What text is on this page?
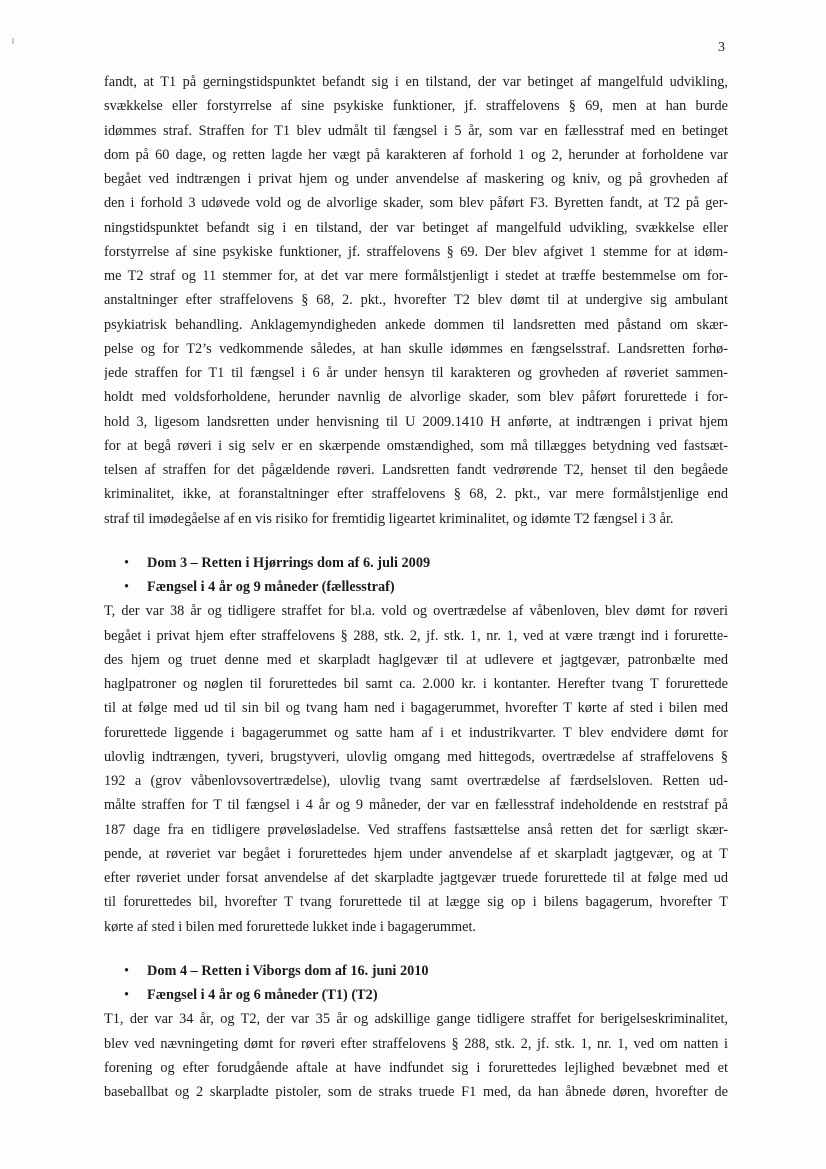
3
fandt, at T1 på gerningstidspunktet befandt sig i en tilstand, der var betinget af mangelfuld udvikling,
svækkelse eller forstyrrelse af sine psykiske funktioner, jf. straffelovens § 69, men at han burde
idømmes straf. Straffen for T1 blev udmålt til fængsel i 5 år, som var en fællesstraf med en betinget
dom på 60 dage, og retten lagde her vægt på karakteren af forhold 1 og 2, herunder at forholdene var
begået ved indtrængen i privat hjem og under anvendelse af maskering og kniv, og på grovheden af
den i forhold 3 udøvede vold og de alvorlige skader, som blev påført F3. Byretten fandt, at T2 på ger-
ningstidspunktet befandt sig i en tilstand, der var betinget af mangelfuld udvikling, svækkelse eller
forstyrrelse af sine psykiske funktioner, jf. straffelovens § 69. Der blev afgivet 1 stemme for at idøm-
me T2 straf og 11 stemmer for, at det var mere formålstjenligt i stedet at træffe bestemmelse om for-
anstaltninger efter straffelovens § 68, 2. pkt., hvorefter T2 blev dømt til at undergive sig ambulant
psykiatrisk behandling. Anklagemyndigheden ankede dommen til landsretten med påstand om skær-
pelse og for T2’s vedkommende således, at han skulle idømmes en fængselsstraf. Landsretten forhø-
jede straffen for T1 til fængsel i 6 år under hensyn til karakteren og grovheden af røveriet sammen-
holdt med voldsforholdene, herunder navnlig de alvorlige skader, som blev påført forurettede i for-
hold 3, ligesom landsretten under henvisning til U 2009.1410 H anførte, at indtrængen i privat hjem
for at begå røveri i sig selv er en skærpende omstændighed, som må tillægges betydning ved fastsæt-
telsen af straffen for det pågældende røveri. Landsretten fandt vedrørende T2, henset til den begåede
kriminalitet, ikke, at foranstaltninger efter straffelovens § 68, 2. pkt., var mere formålstjenlige end
straf til imødegåelse af en vis risiko for fremtidig ligeartet kriminalitet, og idømte T2 fængsel i 3 år.
• Dom 3 – Retten i Hjørrings dom af 6. juli 2009
• Fængsel i 4 år og 9 måneder (fællesstraf)
T, der var 38 år og tidligere straffet for bl.a. vold og overtrædelse af våbenloven, blev dømt for røveri
begået i privat hjem efter straffelovens § 288, stk. 2, jf. stk. 1, nr. 1, ved at være trængt ind i forurette-
des hjem og truet denne med et skarpladt haglgevær til at udlevere et jagtgevær, patronbælte med
haglpatroner og nøglen til forurettedes bil samt ca. 2.000 kr. i kontanter. Herefter tvang T forurettede
til at følge med ud til sin bil og tvang ham ned i bagagerummet, hvorefter T kørte af sted i bilen med
forurettede liggende i bagagerummet og satte ham af i et industrikvarter. T blev endvidere dømt for
ulovlig indtrængen, tyveri, brugstyveri, ulovlig omgang med hittegods, overtrædelse af straffelovens §
192 a (grov våbenlovsovertrædelse), ulovlig tvang samt overtrædelse af færdselsloven. Retten ud-
målte straffen for T til fængsel i 4 år og 9 måneder, der var en fællesstraf indeholdende en reststraf på
187 dage fra en tidligere prøveløsladelse. Ved straffens fastsættelse anså retten det for særligt skær-
pende, at røveriet var begået i forurettedes hjem under anvendelse af et skarpladt jagtgevær, og at T
efter røveriet under forsat anvendelse af det skarpladte jagtgevær truede forurettede til at følge med ud
til forurettedes bil, hvorefter T tvang forurettede til at lægge sig op i bilens bagagerum, hvorefter T
kørte af sted i bilen med forurettede lukket inde i bagagerummet.
• Dom 4 – Retten i Viborgs dom af 16. juni 2010
• Fængsel i 4 år og 6 måneder (T1) (T2)
T1, der var 34 år, og T2, der var 35 år og adskillige gange tidligere straffet for berigelseskriminalitet,
blev ved nævningeting dømt for røveri efter straffelovens § 288, stk. 2, jf. stk. 1, nr. 1, ved om natten i
forening og efter forudgående aftale at have indfundet sig i forurettedes lejlighed bevæbnet med et
baseballbat og 2 skarpladte pistoler, som de straks truede F1 med, da han åbnede døren, hvorefter de
